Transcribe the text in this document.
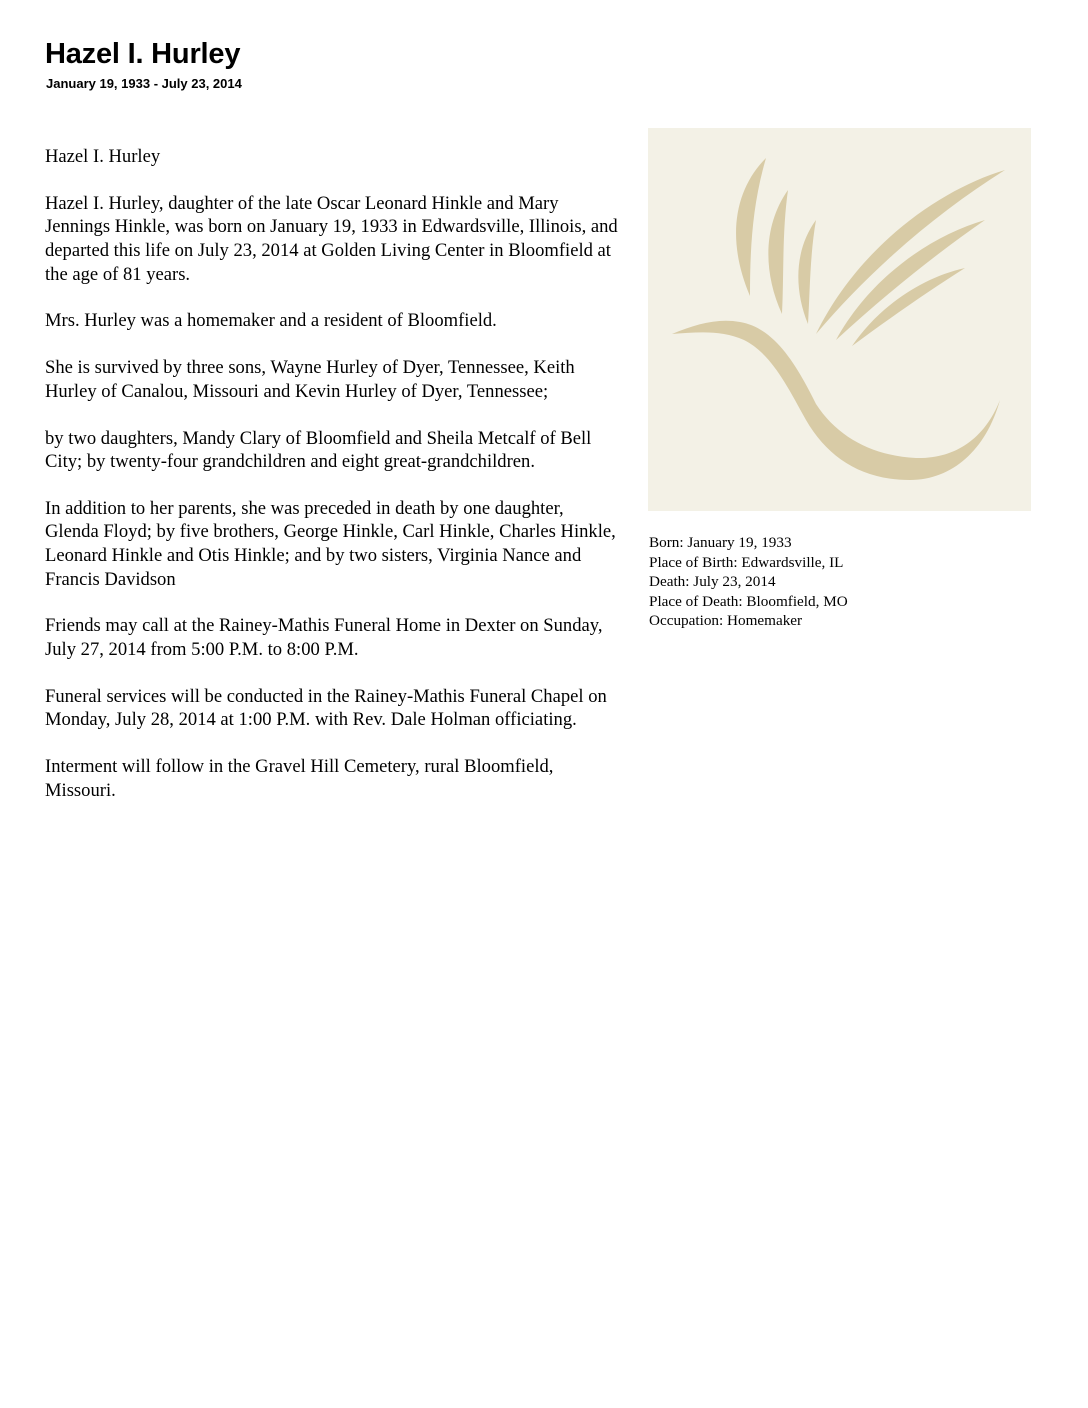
Hazel I. Hurley
January 19, 1933 - July 23, 2014

Hazel I. Hurley

Hazel I. Hurley, daughter of the late Oscar Leonard Hinkle and Mary Jennings Hinkle, was born on January 19, 1933 in Edwardsville, Illinois, and departed this life on July 23, 2014 at Golden Living Center in Bloomfield at the age of 81 years.

Mrs. Hurley was a homemaker and a resident of Bloomfield.

She is survived by three sons, Wayne Hurley of Dyer, Tennessee, Keith Hurley of Canalou, Missouri and Kevin Hurley of Dyer, Tennessee;

by two daughters, Mandy Clary of Bloomfield and Sheila Metcalf of Bell City; by twenty-four grandchildren and eight great-grandchildren.

In addition to her parents, she was preceded in death by one daughter, Glenda Floyd; by five brothers, George Hinkle, Carl Hinkle, Charles Hinkle, Leonard Hinkle and Otis Hinkle; and by two sisters, Virginia Nance and Francis Davidson

Friends may call at the Rainey-Mathis Funeral Home in Dexter on Sunday, July 27, 2014 from 5:00 P.M. to 8:00 P.M.

Funeral services will be conducted in the Rainey-Mathis Funeral Chapel on Monday, July 28, 2014 at 1:00 P.M. with Rev. Dale Holman officiating.

Interment will follow in the Gravel Hill Cemetery, rural Bloomfield, Missouri.

Born: January 19, 1933
Place of Birth: Edwardsville, IL
Death: July 23, 2014
Place of Death: Bloomfield, MO
Occupation: Homemaker
